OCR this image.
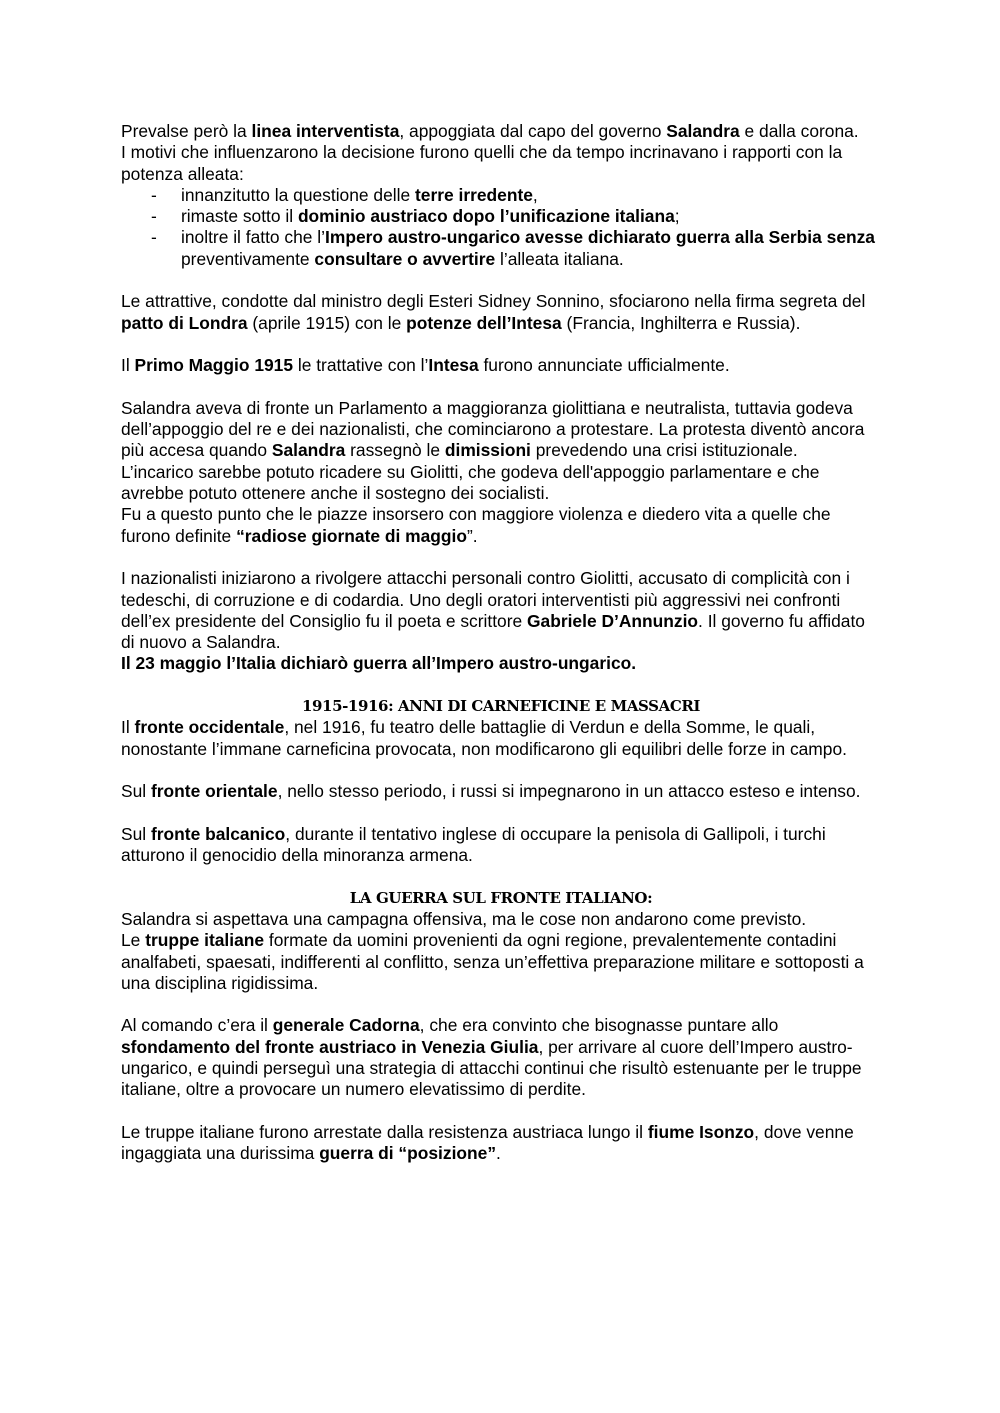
Prevalse però la linea interventista, appoggiata dal capo del governo Salandra e dalla corona.

I motivi che influenzarono la decisione furono quelli che da tempo incrinavano i rapporti con la potenza alleata:

- innanzitutto la questione delle terre irredente,
- rimaste sotto il dominio austriaco dopo l’unificazione italiana;
- inoltre il fatto che l’Impero austro-ungarico avesse dichiarato guerra alla Serbia senza preventivamente consultare o avvertire l’alleata italiana.

Le attrattive, condotte dal ministro degli Esteri Sidney Sonnino, sfociarono nella firma segreta del patto di Londra (aprile 1915) con le potenze dell’Intesa (Francia, Inghilterra e Russia).

Il Primo Maggio 1915 le trattative con l’Intesa furono annunciate ufficialmente.

Salandra aveva di fronte un Parlamento a maggioranza giolittiana e neutralista, tuttavia godeva dell’appoggio del re e dei nazionalisti, che cominciarono a protestare. La protesta diventò ancora più accesa quando Salandra rassegnò le dimissioni prevedendo una crisi istituzionale.

L’incarico sarebbe potuto ricadere su Giolitti, che godeva dell'appoggio parlamentare e che avrebbe potuto ottenere anche il sostegno dei socialisti.

Fu a questo punto che le piazze insorsero con maggiore violenza e diedero vita a quelle che furono definite “radiose giornate di maggio”.

I nazionalisti iniziarono a rivolgere attacchi personali contro Giolitti, accusato di complicità con i tedeschi, di corruzione e di codardia. Uno degli oratori interventisti più aggressivi nei confronti dell’ex presidente del Consiglio fu il poeta e scrittore Gabriele D’Annunzio. Il governo fu affidato di nuovo a Salandra.

Il 23 maggio l’Italia dichiarò guerra all’Impero austro-ungarico.

1915-1916: ANNI DI CARNEFICINE E MASSACRI

Il fronte occidentale, nel 1916, fu teatro delle battaglie di Verdun e della Somme, le quali, nonostante l’immane carneficina provocata, non modificarono gli equilibri delle forze in campo.

Sul fronte orientale, nello stesso periodo, i russi si impegnarono in un attacco esteso e intenso.

Sul fronte balcanico, durante il tentativo inglese di occupare la penisola di Gallipoli, i turchi atturono il genocidio della minoranza armena.

LA GUERRA SUL FRONTE ITALIANO:

Salandra si aspettava una campagna offensiva, ma le cose non andarono come previsto.

Le truppe italiane formate da uomini provenienti da ogni regione, prevalentemente contadini analfabeti, spaesati, indifferenti al conflitto, senza un’effettiva preparazione militare e sottoposti a una disciplina rigidissima.

Al comando c’era il generale Cadorna, che era convinto che bisognasse puntare allo sfondamento del fronte austriaco in Venezia Giulia, per arrivare al cuore dell’Impero austro-ungarico, e quindi perseguì una strategia di attacchi continui che risultò estenuante per le truppe italiane, oltre a provocare un numero elevatissimo di perdite.

Le truppe italiane furono arrestate dalla resistenza austriaca lungo il fiume Isonzo, dove venne ingaggiata una durissima guerra di “posizione”.
